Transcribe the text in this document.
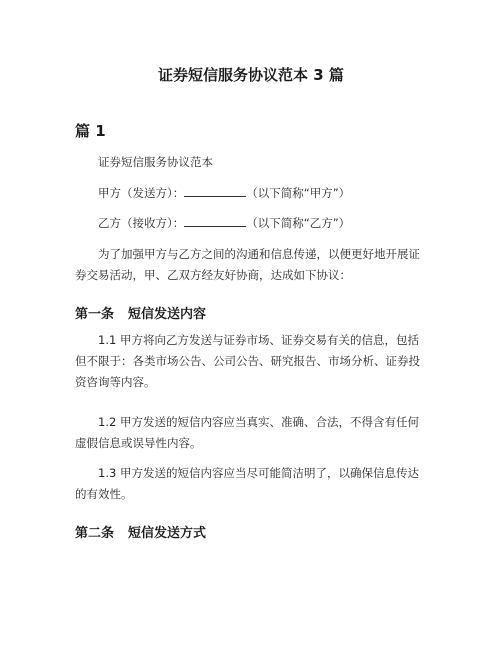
证券短信服务协议范本 3 篇
篇 1

证券短信服务协议范本

甲方（发送方）：	（以下简称“甲方”）

乙方（接收方）：	（以下简称“乙方”）

为了加强甲方与乙方之间的沟通和信息传递，以便更好地开展证券交易活动，甲、乙双方经友好协商，达成如下协议：

第一条 短信发送内容

1.1 甲方将向乙方发送与证券市场、证券交易有关的信息，包括但不限于：各类市场公告、公司公告、研究报告、市场分析、证券投资咨询等内容。

1.2 甲方发送的短信内容应当真实、准确、合法，不得含有任何虚假信息或误导性内容。

1.3 甲方发送的短信内容应当尽可能简洁明了，以确保信息传达的有效性。

第二条 短信发送方式
